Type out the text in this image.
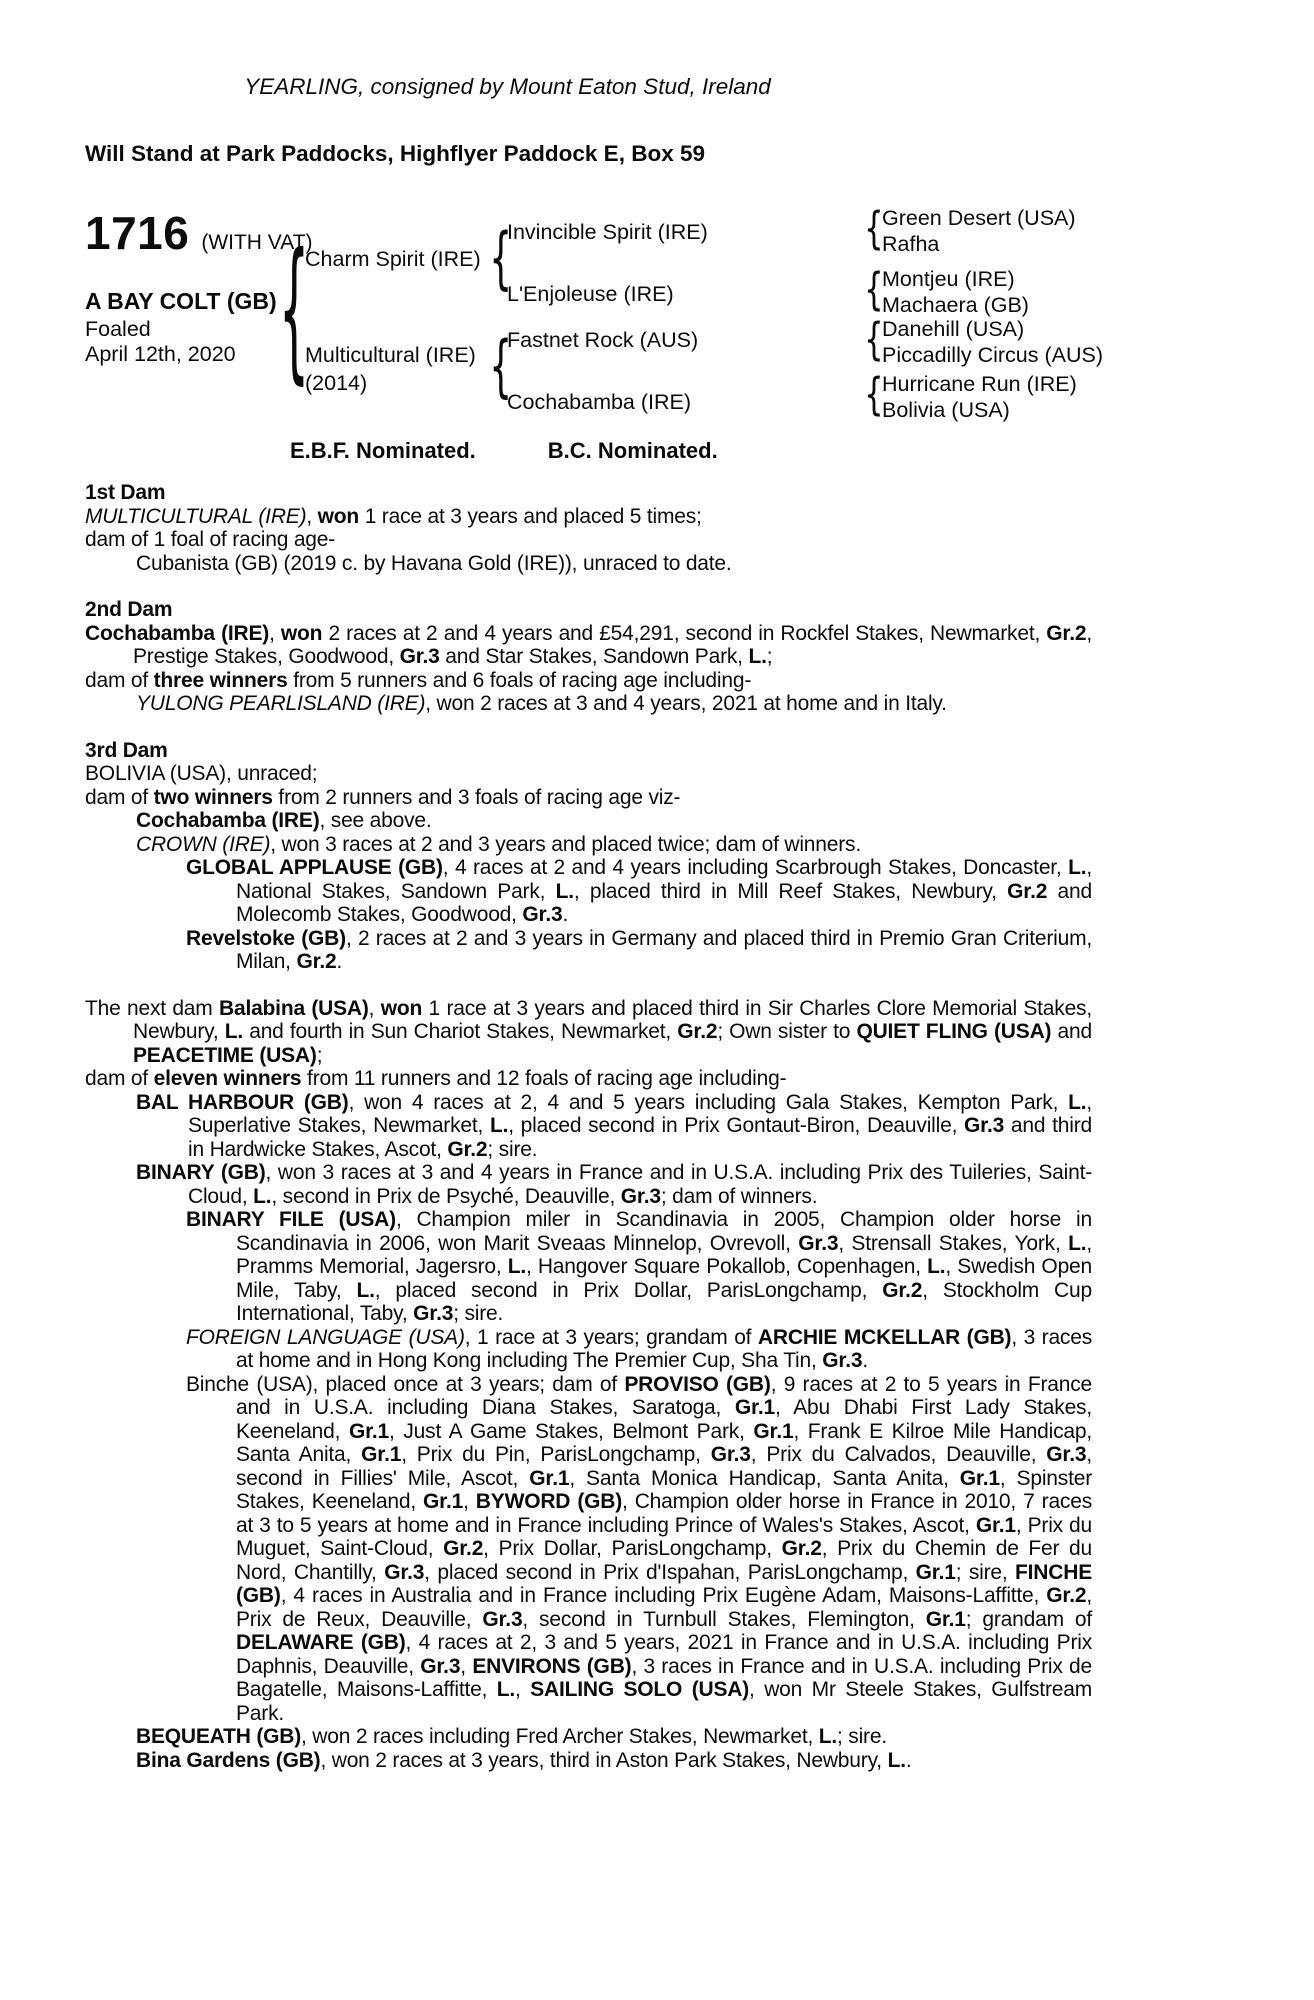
YEARLING, consigned by Mount Eaton Stud, Ireland
Will Stand at Park Paddocks, Highflyer Paddock E, Box 59
1716 (WITH VAT)
A BAY COLT (GB)
Foaled
April 12th, 2020 {
Charm Spirit (IRE)
Multicultural (IRE)
(2014)
{
Invincible Spirit (IRE)
L'Enjoleuse (IRE)
{
Fastnet Rock (AUS)
Cochabamba (IRE)
{
Green Desert (USA)
Rafha
{
Montjeu (IRE)
Machaera (GB)
{
Danehill (USA)
Piccadilly Circus (AUS)
{
Hurricane Run (IRE)
Bolivia (USA)
E.B.F. Nominated.	B.C. Nominated.
1st Dam

MULTICULTURAL (IRE), won 1 race at 3 years and placed 5 times;

dam of 1 foal of racing age-

Cubanista (GB) (2019 c. by Havana Gold (IRE)), unraced to date.

2nd Dam

Cochabamba (IRE), won 2 races at 2 and 4 years and £54,291, second in Rockfel Stakes, Newmarket, Gr.2, Prestige Stakes, Goodwood, Gr.3 and Star Stakes, Sandown Park, L.;

dam of three winners from 5 runners and 6 foals of racing age including-

YULONG PEARLISLAND (IRE), won 2 races at 3 and 4 years, 2021 at home and in Italy.

3rd Dam

BOLIVIA (USA), unraced;

dam of two winners from 2 runners and 3 foals of racing age viz-

Cochabamba (IRE), see above.

CROWN (IRE), won 3 races at 2 and 3 years and placed twice; dam of winners.

GLOBAL APPLAUSE (GB), 4 races at 2 and 4 years including Scarbrough Stakes, Doncaster, L., National Stakes, Sandown Park, L., placed third in Mill Reef Stakes, Newbury, Gr.2 and Molecomb Stakes, Goodwood, Gr.3.

Revelstoke (GB), 2 races at 2 and 3 years in Germany and placed third in Premio Gran Criterium, Milan, Gr.2.

The next dam Balabina (USA), won 1 race at 3 years and placed third in Sir Charles Clore Memorial Stakes, Newbury, L. and fourth in Sun Chariot Stakes, Newmarket, Gr.2; Own sister to QUIET FLING (USA) and PEACETIME (USA);

dam of eleven winners from 11 runners and 12 foals of racing age including-

BAL HARBOUR (GB), won 4 races at 2, 4 and 5 years including Gala Stakes, Kempton Park, L., Superlative Stakes, Newmarket, L., placed second in Prix Gontaut-Biron, Deauville, Gr.3 and third in Hardwicke Stakes, Ascot, Gr.2; sire.

BINARY (GB), won 3 races at 3 and 4 years in France and in U.S.A. including Prix des Tuileries, Saint-Cloud, L., second in Prix de Psyché, Deauville, Gr.3; dam of winners.

BINARY FILE (USA), Champion miler in Scandinavia in 2005, Champion older horse in Scandinavia in 2006, won Marit Sveaas Minnelop, Ovrevoll, Gr.3, Strensall Stakes, York, L., Pramms Memorial, Jagersro, L., Hangover Square Pokallob, Copenhagen, L., Swedish Open Mile, Taby, L., placed second in Prix Dollar, ParisLongchamp, Gr.2, Stockholm Cup International, Taby, Gr.3; sire.

FOREIGN LANGUAGE (USA), 1 race at 3 years; grandam of ARCHIE MCKELLAR (GB), 3 races at home and in Hong Kong including The Premier Cup, Sha Tin, Gr.3.

Binche (USA), placed once at 3 years; dam of PROVISO (GB), 9 races at 2 to 5 years in France and in U.S.A. including Diana Stakes, Saratoga, Gr.1, Abu Dhabi First Lady Stakes, Keeneland, Gr.1, Just A Game Stakes, Belmont Park, Gr.1, Frank E Kilroe Mile Handicap, Santa Anita, Gr.1, Prix du Pin, ParisLongchamp, Gr.3, Prix du Calvados, Deauville, Gr.3, second in Fillies' Mile, Ascot, Gr.1, Santa Monica Handicap, Santa Anita, Gr.1, Spinster Stakes, Keeneland, Gr.1, BYWORD (GB), Champion older horse in France in 2010, 7 races at 3 to 5 years at home and in France including Prince of Wales's Stakes, Ascot, Gr.1, Prix du Muguet, Saint-Cloud, Gr.2, Prix Dollar, ParisLongchamp, Gr.2, Prix du Chemin de Fer du Nord, Chantilly, Gr.3, placed second in Prix d'Ispahan, ParisLongchamp, Gr.1; sire, FINCHE (GB), 4 races in Australia and in France including Prix Eugène Adam, Maisons-Laffitte, Gr.2, Prix de Reux, Deauville, Gr.3, second in Turnbull Stakes, Flemington, Gr.1; grandam of DELAWARE (GB), 4 races at 2, 3 and 5 years, 2021 in France and in U.S.A. including Prix Daphnis, Deauville, Gr.3, ENVIRONS (GB), 3 races in France and in U.S.A. including Prix de Bagatelle, Maisons-Laffitte, L., SAILING SOLO (USA), won Mr Steele Stakes, Gulfstream Park.

BEQUEATH (GB), won 2 races including Fred Archer Stakes, Newmarket, L.; sire.

Bina Gardens (GB), won 2 races at 3 years, third in Aston Park Stakes, Newbury, L..
